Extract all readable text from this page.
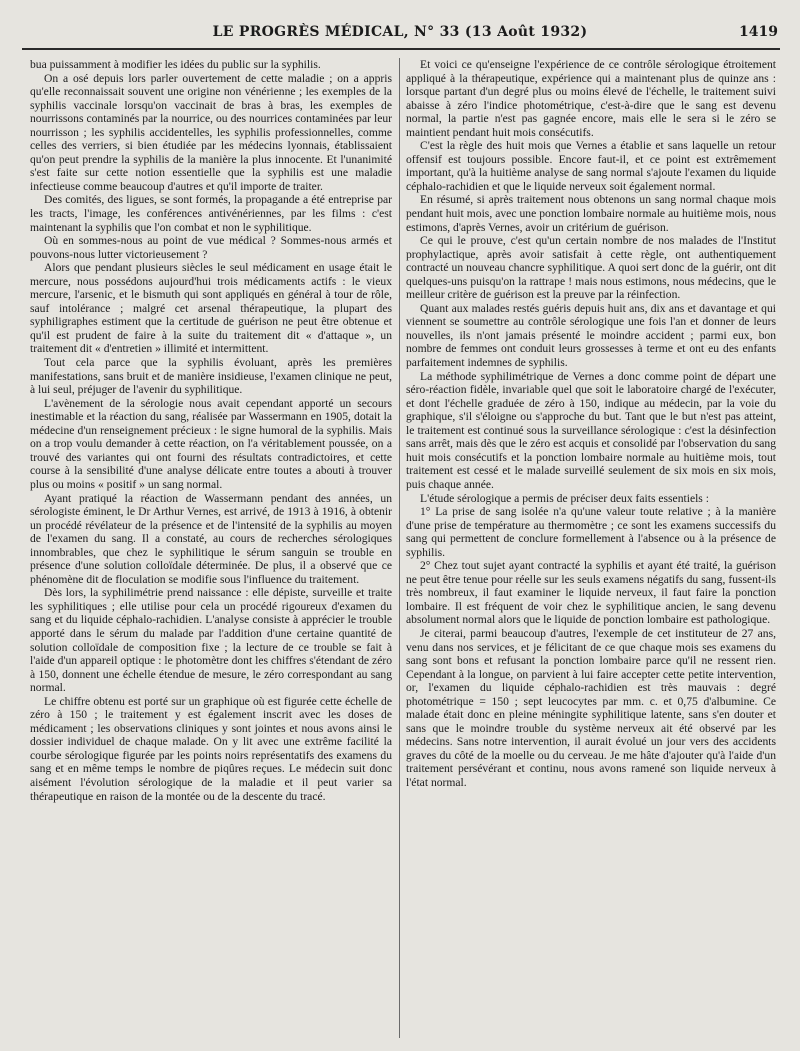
LE PROGRÈS MÉDICAL, N° 33 (13 Août 1932)	1419

buа puissamment à modifier les idées du public sur la syphilis.

On a osé depuis lors parler ouvertement de cette maladie ; on a appris qu'elle reconnaissait souvent une origine non vénérienne ; les exemples de la syphilis vaccinale lorsqu'on vaccinait de bras à bras, les exemples de nourrissons contaminés par la nourrice, ou des nourrices contaminées par leur nourrisson ; les syphilis accidentelles, les syphilis professionnelles, comme celles des verriers, si bien étudiée par les médecins lyonnais, établissaient qu'on peut prendre la syphilis de la manière la plus innocente. Et l'unanimité s'est faite sur cette notion essentielle que la syphilis est une maladie infectieuse comme beaucoup d'autres et qu'il importe de traiter.

Des comités, des ligues, se sont formés, la propagande a été entreprise par les tracts, l'image, les conférences antivénériennes, par les films : c'est maintenant la syphilis que l'on combat et non le syphilitique.

Où en sommes-nous au point de vue médical ? Sommes-nous armés et pouvons-nous lutter victorieusement ?

Alors que pendant plusieurs siècles le seul médicament en usage était le mercure, nous possédons aujourd'hui trois médicaments actifs : le vieux mercure, l'arsenic, et le bismuth qui sont appliqués en général à tour de rôle, sauf intolérance ; malgré cet arsenal thérapeutique, la plupart des syphiligraphes estiment que la certitude de guérison ne peut être obtenue et qu'il est prudent de faire à la suite du traitement dit « d'attaque », un traitement dit « d'entretien » illimité et intermittent.

Tout cela parce que la syphilis évoluant, après les premières manifestations, sans bruit et de manière insidieuse, l'examen clinique ne peut, à lui seul, préjuger de l'avenir du syphilitique.

L'avènement de la sérologie nous avait cependant apporté un secours inestimable et la réaction du sang, réalisée par Wassermann en 1905, dotait la médecine d'un renseignement précieux : le signe humoral de la syphilis. Mais on a trop voulu demander à cette réaction, on l'a véritablement poussée, on a trouvé des variantes qui ont fourni des résultats contradictoires, et cette course à la sensibilité d'une analyse délicate entre toutes a abouti à trouver plus ou moins « positif » un sang normal.

Ayant pratiqué la réaction de Wassermann pendant des années, un sérologiste éminent, le Dr Arthur Vernes, est arrivé, de 1913 à 1916, à obtenir un procédé révélateur de la présence et de l'intensité de la syphilis au moyen de l'examen du sang. Il a constaté, au cours de recherches sérologiques innombrables, que chez le syphilitique le sérum sanguin se trouble en présence d'une solution colloïdale déterminée. De plus, il a observé que ce phénomène dit de floculation se modifie sous l'influence du traitement.

Dès lors, la syphilimétrie prend naissance : elle dépiste, surveille et traite les syphilitiques ; elle utilise pour cela un procédé rigoureux d'examen du sang et du liquide céphalo-rachidien. L'analyse consiste à apprécier le trouble apporté dans le sérum du malade par l'addition d'une certaine quantité de solution colloïdale de composition fixe ; la lecture de ce trouble se fait à l'aide d'un appareil optique : le photomètre dont les chiffres s'étendant de zéro à 150, donnent une échelle étendue de mesure, le zéro correspondant au sang normal.

Le chiffre obtenu est porté sur un graphique où est figurée cette échelle de zéro à 150 ; le traitement y est également inscrit avec les doses de médicament ; les observations cliniques y sont jointes et nous avons ainsi le dossier individuel de chaque malade. On y lit avec une extrême facilité la courbe sérologique figurée par les points noirs représentatifs des examens du sang et en même temps le nombre de piqûres reçues. Le médecin suit donc aisément l'évolution sérologique de la maladie et il peut varier sa thérapeutique en raison de la montée ou de la descente du tracé.

Et voici ce qu'enseigne l'expérience de ce contrôle sérologique étroitement appliqué à la thérapeutique, expérience qui a maintenant plus de quinze ans : lorsque partant d'un degré plus ou moins élevé de l'échelle, le traitement suivi abaisse à zéro l'indice photométrique, c'est-à-dire que le sang est devenu normal, la partie n'est pas gagnée encore, mais elle le sera si le zéro se maintient pendant huit mois consécutifs.

C'est la règle des huit mois que Vernes a établie et sans laquelle un retour offensif est toujours possible. Encore faut-il, et ce point est extrêmement important, qu'à la huitième analyse de sang normal s'ajoute l'examen du liquide céphalo-rachidien et que le liquide nerveux soit également normal.

En résumé, si après traitement nous obtenons un sang normal chaque mois pendant huit mois, avec une ponction lombaire normale au huitième mois, nous estimons, d'après Vernes, avoir un critérium de guérison.

Ce qui le prouve, c'est qu'un certain nombre de nos malades de l'Institut prophylactique, après avoir satisfait à cette règle, ont authentiquement contracté un nouveau chancre syphilitique. A quoi sert donc de la guérir, ont dit quelques-uns puisqu'on la rattrape ! mais nous estimons, nous médecins, que le meilleur critère de guérison est la preuve par la réinfection.

Quant aux malades restés guéris depuis huit ans, dix ans et davantage et qui viennent se soumettre au contrôle sérologique une fois l'an et donner de leurs nouvelles, ils n'ont jamais présenté le moindre accident ; parmi eux, bon nombre de femmes ont conduit leurs grossesses à terme et ont eu des enfants parfaitement indemnes de syphilis.

La méthode syphilimétrique de Vernes a donc comme point de départ une séro-réaction fidèle, invariable quel que soit le laboratoire chargé de l'exécuter, et dont l'échelle graduée de zéro à 150, indique au médecin, par la voie du graphique, s'il s'éloigne ou s'approche du but. Tant que le but n'est pas atteint, le traitement est continué sous la surveillance sérologique : c'est la désinfection sans arrêt, mais dès que le zéro est acquis et consolidé par l'observation du sang huit mois consécutifs et la ponction lombaire normale au huitième mois, tout traitement est cessé et le malade surveillé seulement de six mois en six mois, puis chaque année.

L'étude sérologique a permis de préciser deux faits essentiels :

1° La prise de sang isolée n'a qu'une valeur toute relative ; à la manière d'une prise de température au thermomètre ; ce sont les examens successifs du sang qui permettent de conclure formellement à l'absence ou à la présence de syphilis.

2° Chez tout sujet ayant contracté la syphilis et ayant été traité, la guérison ne peut être tenue pour réelle sur les seuls examens négatifs du sang, fussent-ils très nombreux, il faut examiner le liquide nerveux, il faut faire la ponction lombaire. Il est fréquent de voir chez le syphilitique ancien, le sang devenu absolument normal alors que le liquide de ponction lombaire est pathologique.

Je citerai, parmi beaucoup d'autres, l'exemple de cet instituteur de 27 ans, venu dans nos services, et je félicitant de ce que chaque mois ses examens du sang sont bons et refusant la ponction lombaire parce qu'il ne ressent rien. Cependant à la longue, on parvient à lui faire accepter cette petite intervention, or, l'examen du liquide céphalo-rachidien est très mauvais : degré photométrique = 150 ; sept leucocytes par mm. c. et 0,75 d'albumine. Ce malade était donc en pleine méningite syphilitique latente, sans s'en douter et sans que le moindre trouble du système nerveux ait été observé par les médecins. Sans notre intervention, il aurait évolué un jour vers des accidents graves du côté de la moelle ou du cerveau. Je me hâte d'ajouter qu'à l'aide d'un traitement persévérant et continu, nous avons ramené son liquide nerveux à l'état normal.
